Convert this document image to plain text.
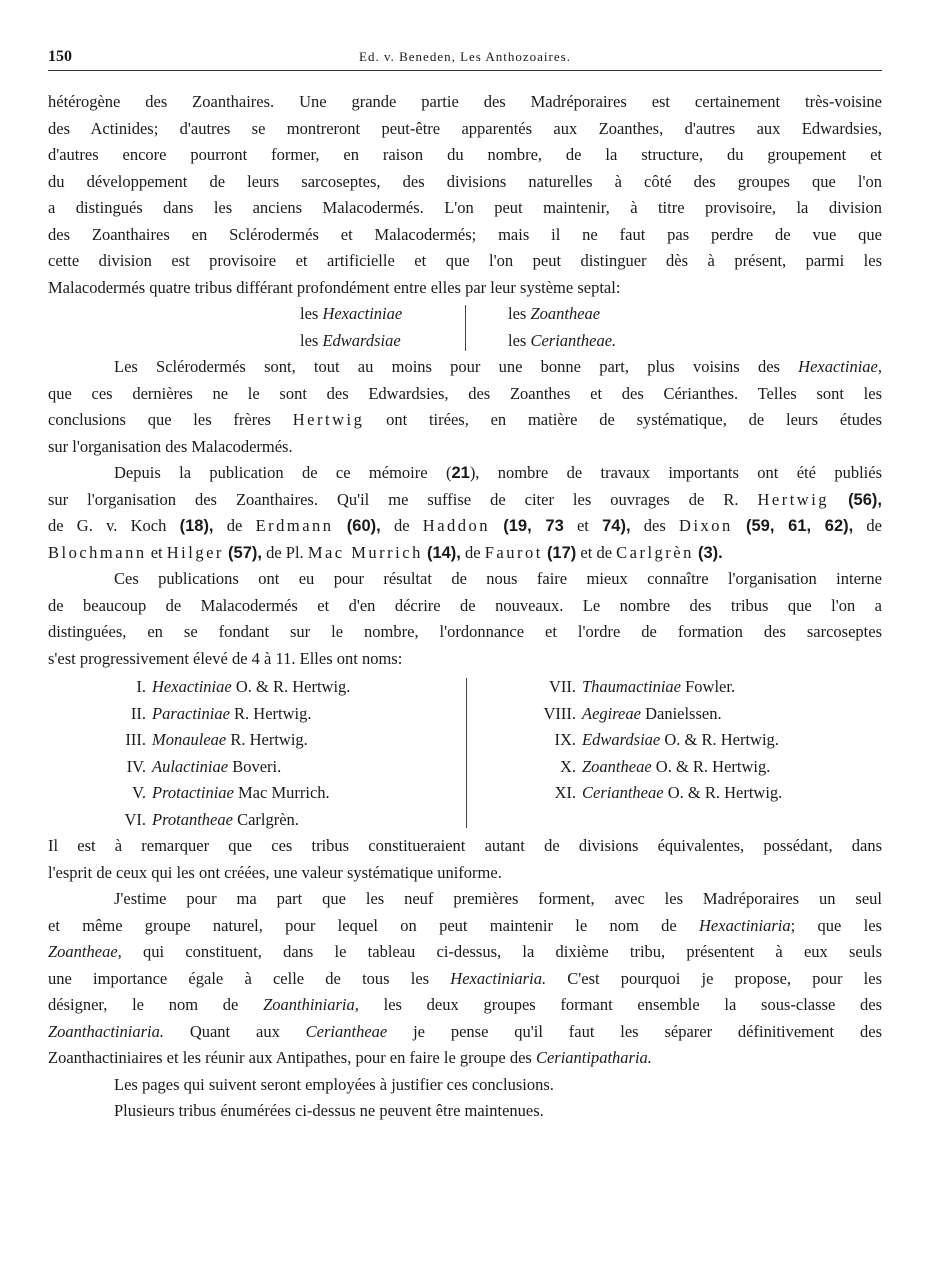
150	Ed. v. Beneden, Les Anthozoaires.
hétérogène des Zoanthaires. Une grande partie des Madréporaires est certainement très-voisine
des Actinides; d'autres se montreront peut-être apparentés aux Zoanthes, d'autres aux Edwardsies,
d'autres encore pourront former, en raison du nombre, de la structure, du groupement et
du développement de leurs sarcoseptes, des divisions naturelles à côté des groupes que l'on
a distingués dans les anciens Malacodermés. L'on peut maintenir, à titre provisoire, la division
des Zoanthaires en Sclérodermés et Malacodermés; mais il ne faut pas perdre de vue que
cette division est provisoire et artificielle et que l'on peut distinguer dès à présent, parmi les
Malacodermés quatre tribus différant profondément entre elles par leur système septal:
les Hexactiniae
les Edwardsiae
les Zoantheae
les Ceriantheae.
Les Sclérodermés sont, tout au moins pour une bonne part, plus voisins des Hexactiniae,
que ces dernières ne le sont des Edwardsies, des Zoanthes et des Cérianthes. Telles sont les
conclusions que les frères Hertwig ont tirées, en matière de systématique, de leurs études
sur l'organisation des Malacodermés.
Depuis la publication de ce mémoire (21), nombre de travaux importants ont été publiés
sur l'organisation des Zoanthaires. Qu'il me suffise de citer les ouvrages de R. Hertwig (56),
de G. v. Koch (18), de Erdmann (60), de Haddon (19, 73 et 74), des Dixon (59, 61, 62), de
Blochmann et Hilger (57), de Pl. Mac Murrich (14), de Faurot (17) et de Carlgrèn (3).
Ces publications ont eu pour résultat de nous faire mieux connaître l'organisation interne
de beaucoup de Malacodermés et d'en décrire de nouveaux. Le nombre des tribus que l'on a
distinguées, en se fondant sur le nombre, l'ordonnance et l'ordre de formation des sarcoseptes
s'est progressivement élevé de 4 à 11. Elles ont noms:
I. Hexactiniae O. & R. Hertwig.
II. Paractiniae R. Hertwig.
III. Monauleae R. Hertwig.
IV. Aulactiniae Boveri.
V. Protactiniae Mac Murrich.
VI. Protantheae Carlgrèn.
VII. Thaumactiniae Fowler.
VIII. Aegireae Danielssen.
IX. Edwardsiae O. & R. Hertwig.
X. Zoantheae O. & R. Hertwig.
XI. Ceriantheae O. & R. Hertwig.
Il est à remarquer que ces tribus constitueraient autant de divisions équivalentes, possédant, dans
l'esprit de ceux qui les ont créées, une valeur systématique uniforme.
J'estime pour ma part que les neuf premières forment, avec les Madréporaires un seul
et même groupe naturel, pour lequel on peut maintenir le nom de Hexactiniaria; que les
Zoantheae, qui constituent, dans le tableau ci-dessus, la dixième tribu, présentent à eux seuls
une importance égale à celle de tous les Hexactiniaria. C'est pourquoi je propose, pour les
désigner, le nom de Zoanthiniaria, les deux groupes formant ensemble la sous-classe des
Zoanthactiniaria. Quant aux Ceriantheae je pense qu'il faut les séparer définitivement des
Zoanthactiniaires et les réunir aux Antipathes, pour en faire le groupe des Ceriantipatharia.
Les pages qui suivent seront employées à justifier ces conclusions.
Plusieurs tribus énumérées ci-dessus ne peuvent être maintenues.
